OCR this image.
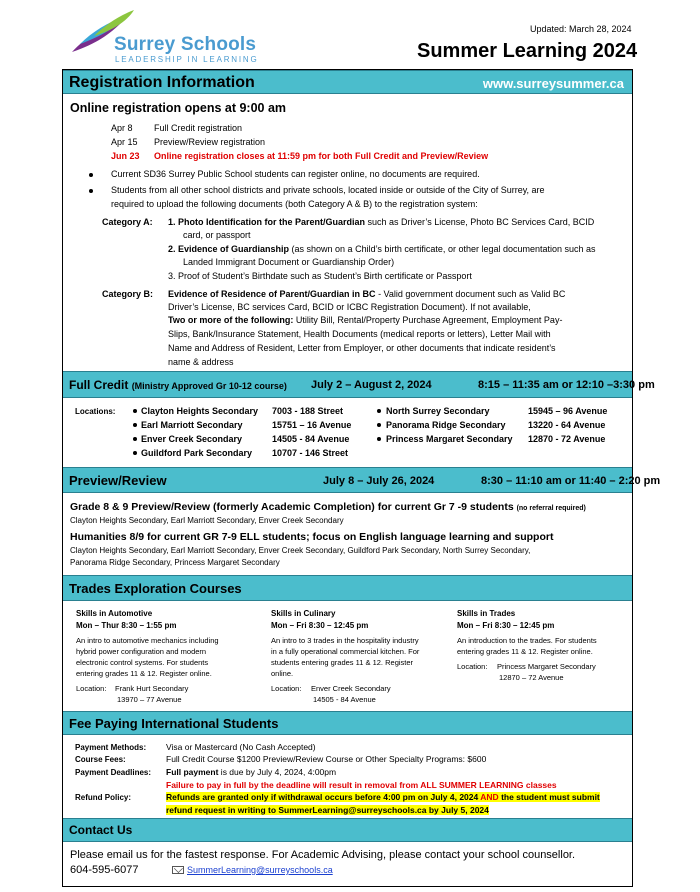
Surrey Schools
LEADERSHIP IN LEARNING
Updated: March 28, 2024
Summer Learning 2024
Registration Information	www.surreysummer.ca
Online registration opens at 9:00 am
Apr 8 Full Credit registration
Apr 15 Preview/Review registration
Jun 23 Online registration closes at 11:59 pm for both Full Credit and Preview/Review
Current SD36 Surrey Public School students can register online, no documents are required.
Students from all other school districts and private schools, located inside or outside of the City of Surrey, are
required to upload the following documents (both Category A & B) to the registration system:
Category A: 1. Photo Identification for the Parent/Guardian such as Driver’s License, Photo BC Services Card, BCID
card, or passport
2. Evidence of Guardianship (as shown on a Child’s birth certificate, or other legal documentation such as
Landed Immigrant Document or Guardianship Order)
3. Proof of Student’s Birthdate such as Student’s Birth certificate or Passport
Category B: Evidence of Residence of Parent/Guardian in BC - Valid government document such as Valid BC
Driver’s License, BC services Card, BCID or ICBC Registration Document). If not available,
Two or more of the following: Utility Bill, Rental/Property Purchase Agreement, Employment Pay-
Slips, Bank/Insurance Statement, Health Documents (medical reports or letters), Letter Mail with
Name and Address of Resident, Letter from Employer, or other documents that indicate resident’s
name & address
Full Credit (Ministry Approved Gr 10-12 course) July 2 – August 2, 2024	8:15 – 11:35 am or 12:10 –3:30 pm
Locations:	Clayton Heights Secondary 7003 - 188 Street
Earl Marriott Secondary	15751 – 16 Avenue
Enver Creek Secondary	14505 - 84 Avenue
Guildford Park Secondary 10707 - 146 Street
North Surrey Secondary	15945 – 96 Avenue
Panorama Ridge Secondary 13220 - 64 Avenue
Princess Margaret Secondary 12870 - 72 Avenue
Preview/Review	July 8 – July 26, 2024	8:30 – 11:10 am or 11:40 – 2:20 pm
Grade 8 & 9 Preview/Review (formerly Academic Completion) for current Gr 7 -9 students (no referral required)
Clayton Heights Secondary, Earl Marriott Secondary, Enver Creek Secondary
Humanities 8/9 for current GR 7-9 ELL students; focus on English language learning and support
Clayton Heights Secondary, Earl Marriott Secondary, Enver Creek Secondary, Guildford Park Secondary, North Surrey Secondary,
Panorama Ridge Secondary, Princess Margaret Secondary
Trades Exploration Courses
Skills in Automotive
Mon – Thur 8:30 – 1:55 pm
An intro to automotive mechanics including
hybrid power configuration and modern
electronic control systems. For students
entering grades 11 & 12. Register online.
Location: Frank Hurt Secondary
13970 – 77 Avenue
Skills in Culinary
Mon – Fri 8:30 – 12:45 pm
An intro to 3 trades in the hospitality industry
in a fully operational commercial kitchen. For
students entering grades 11 & 12. Register
online.
Location: Enver Creek Secondary
14505 - 84 Avenue
Skills in Trades
Mon – Fri 8:30 – 12:45 pm
An introduction to the trades. For students
entering grades 11 & 12. Register online.
Location: Princess Margaret Secondary
12870 – 72 Avenue
Fee Paying International Students
Payment Methods: Visa or Mastercard (No Cash Accepted)
Course Fees:	Full Credit Course $1200 Preview/Review Course or Other Specialty Programs: $600
Payment Deadlines: Full payment is due by July 4, 2024, 4:00pm
Failure to pay in full by the deadline will result in removal from ALL SUMMER LEARNING classes
Refund Policy:	Refunds are granted only if withdrawal occurs before 4:00 pm on July 4, 2024 AND the student must submit
refund request in writing to SummerLearning@surreyschools.ca by July 5, 2024
Contact Us
Please email us for the fastest response. For Academic Advising, please contact your school counsellor.
604-595-6077	SummerLearning@surreyschools.ca
